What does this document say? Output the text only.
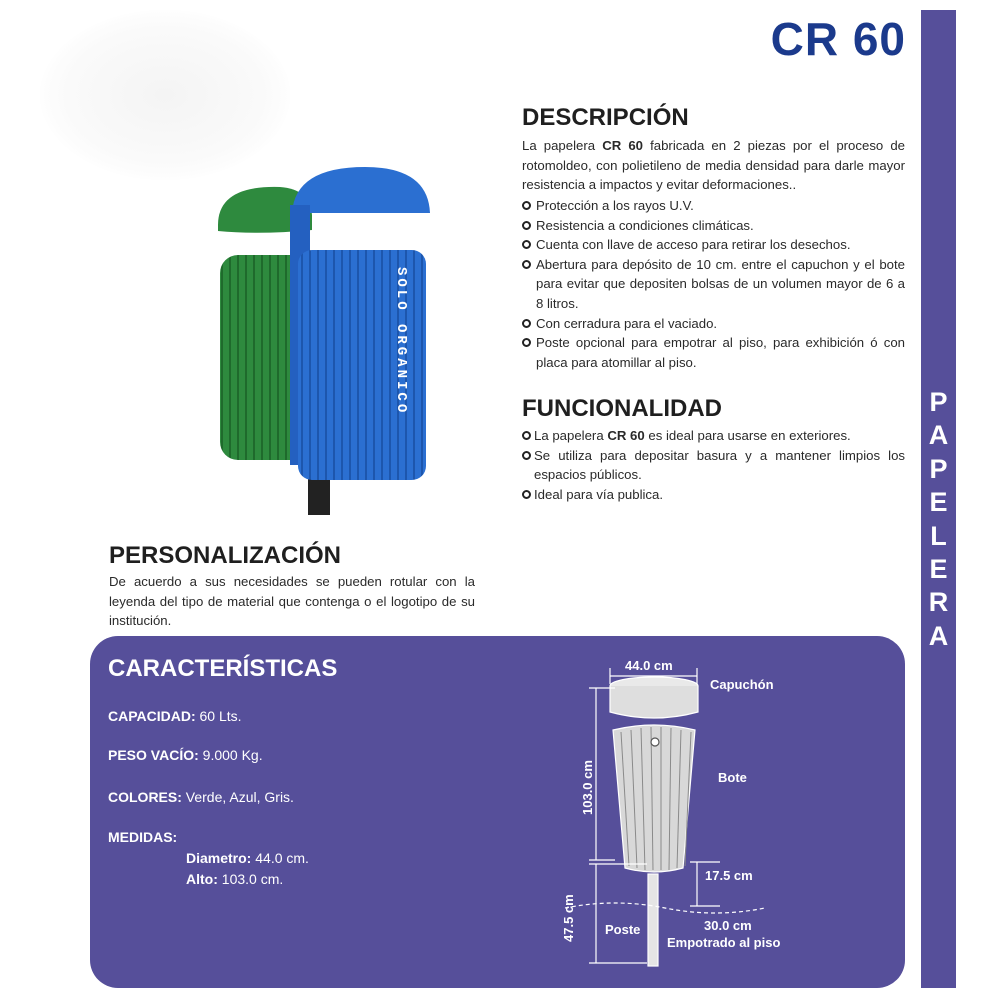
CR 60
P
A
P
E
L
E
R
A
SOLO ORGANICO
DESCRIPCIÓN

La papelera CR 60 fabricada en 2 piezas por el proceso de rotomoldeo, con polietileno de media densidad para darle mayor resistencia a impactos y evitar deformaciones..

Protección a los rayos U.V.
Resistencia a condiciones climáticas.
Cuenta con llave de acceso para retirar los desechos.
Abertura para depósito de 10 cm. entre el capuchon y el bote para evitar que depositen bolsas de un volumen mayor de 6 a 8 litros.
Con cerradura para el vaciado.
Poste opcional para empotrar al piso, para exhibición ó con placa para atomillar al piso.
FUNCIONALIDAD
La papelera CR 60 es ideal para usarse en exteriores.
Se utiliza para depositar basura y a mantener limpios los espacios públicos.
Ideal para vía publica.
PERSONALIZACIÓN

De acuerdo a sus necesidades se pueden rotular con la leyenda del tipo de material que contenga o el logotipo de su institución.

CARACTERÍSTICAS

CAPACIDAD: 60 Lts.

PESO VACÍO: 9.000 Kg.

COLORES: Verde, Azul, Gris.

MEDIDAS:

Diametro: 44.0 cm.

Alto: 103.0 cm.

44.0 cm
Capuchón
Bote
103.0 cm
17.5 cm
47.5 cm Poste	30.0 cm
Empotrado al piso
